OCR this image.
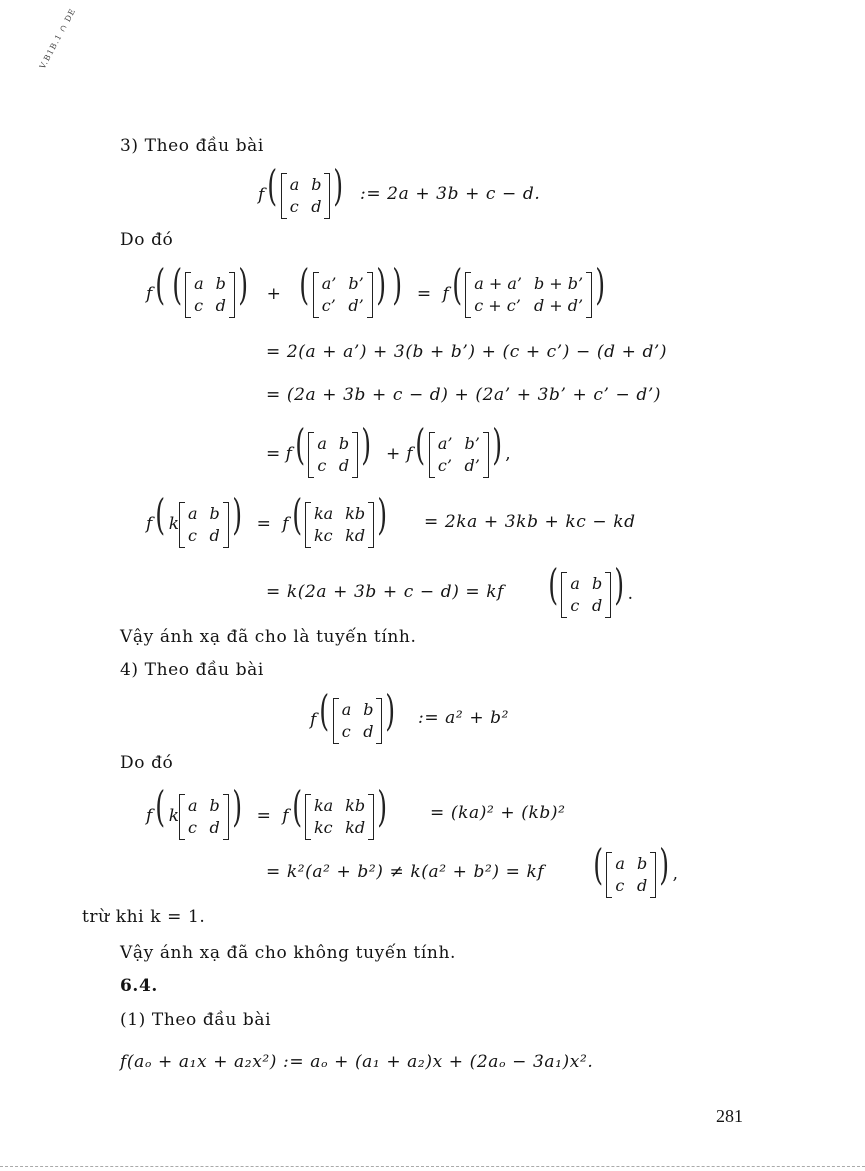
V.B1B.1 ∩ DE
3) Theo đầu bài
f( a b
c d ) := 2a + 3b + c − d.
Do đó
f( ( a b
c d ) + ( a’ b’
c’ d’ ) ) = f( a + a’ b + b’
c + c’ d + d’ )
= 2(a + a’) + 3(b + b’) + (c + c’) − (d + d’)
= (2a + 3b + c − d) + (2a’ + 3b’ + c’ − d’)
= f( a b
c d ) + f( a’ b’
c’ d’ ) ,
f( k
a b
c d ) = f( ka kb
kc kd ) = 2ka + 3kb + kc − kd
= k(2a + 3b + c − d) = kf ( a b
c d ) .
Vậy ánh xạ đã cho là tuyến tính.
4) Theo đầu bài
f( a b
c d ) := a² + b²
Do đó
f( k
a b
c d ) = f( ka kb
kc kd )	= (ka)² + (kb)²
= k²(a² + b²) ≠ k(a² + b²) = kf ( a b
c d ) ,
trừ khi k = 1.
Vậy ánh xạ đã cho không tuyến tính.
6.4.
(1) Theo đầu bài
f(aₒ + a₁x + a₂x²) := aₒ + (a₁ + a₂)x + (2aₒ − 3a₁)x².
281
